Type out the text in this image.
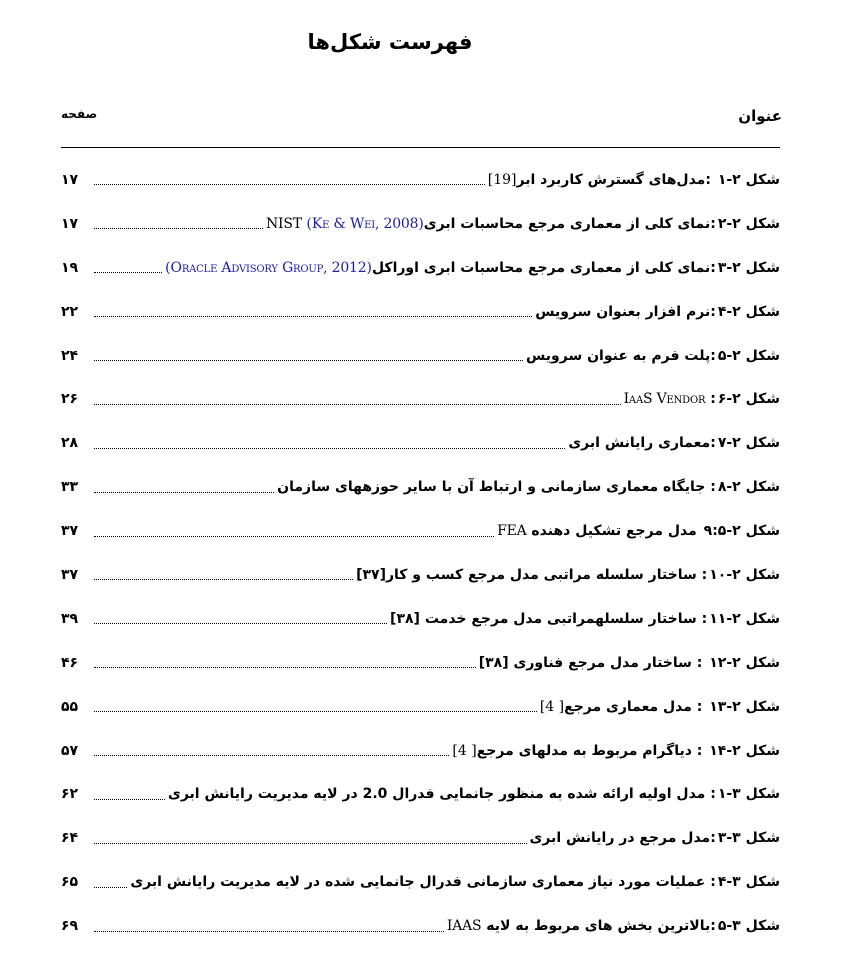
فهرست شکل‌ها
عنوان
صفحه
شکل ۲-۱ :مدل‌های گسترش کاربرد ابر[19]
۱۷
شکل ۲-۲:نمای کلی از معماری مرجع محاسبات ابری(Ke & Wei, 2008) NIST
۱۷
شکل ۲-۳:نمای کلی از معماری مرجع محاسبات ابری اوراکل(Oracle Advisory Group, 2012)
۱۹
شکل ۲-۴:نرم افزار بعنوان سرویس
۲۲
شکل ۲-۵:پلت فرم به عنوان سرویس
۲۴
شکل ۲-۶: IaaS Vendor
۲۶
شکل ۲-۷:معماری رایانش ابری
۲۸
شکل ۲-۸: جایگاه معماری سازمانی و ارتباط آن با سایر حوزههای سازمان
۳۳
شکل ۲-۹:۵ مدل مرجع تشکیل دهنده FEA
۳۷
شکل ۲-۱۰: ساختار سلسله مراتبی مدل مرجع کسب و کار[۳۷]
۳۷
شکل ۲-۱۱: ساختار سلسلهمراتبی مدل مرجع خدمت [۳۸]
۳۹
شکل ۲-۱۲ : ساختار مدل مرجع فناوری [۳۸]
۴۶
شکل ۲-۱۳ : مدل معماری مرجع[ 4]
۵۵
شکل ۲-۱۴ : دیاگرام مربوط به مدلهای مرجع[ 4]
۵۷
شکل ۳-۱: مدل اولیه ارائه شده به منظور جانمایی فدرال 2.0 در لایه مدیریت رایانش ابری
۶۲
شکل ۳-۳:مدل مرجع در رایانش ابری
۶۴
شکل ۳-۴: عملیات مورد نیاز معماری سازمانی فدرال جانمایی شده در لایه مدیریت رایانش ابری
۶۵
شکل ۳-۵:بالاترین بخش های مربوط به لایه IAAS
۶۹
